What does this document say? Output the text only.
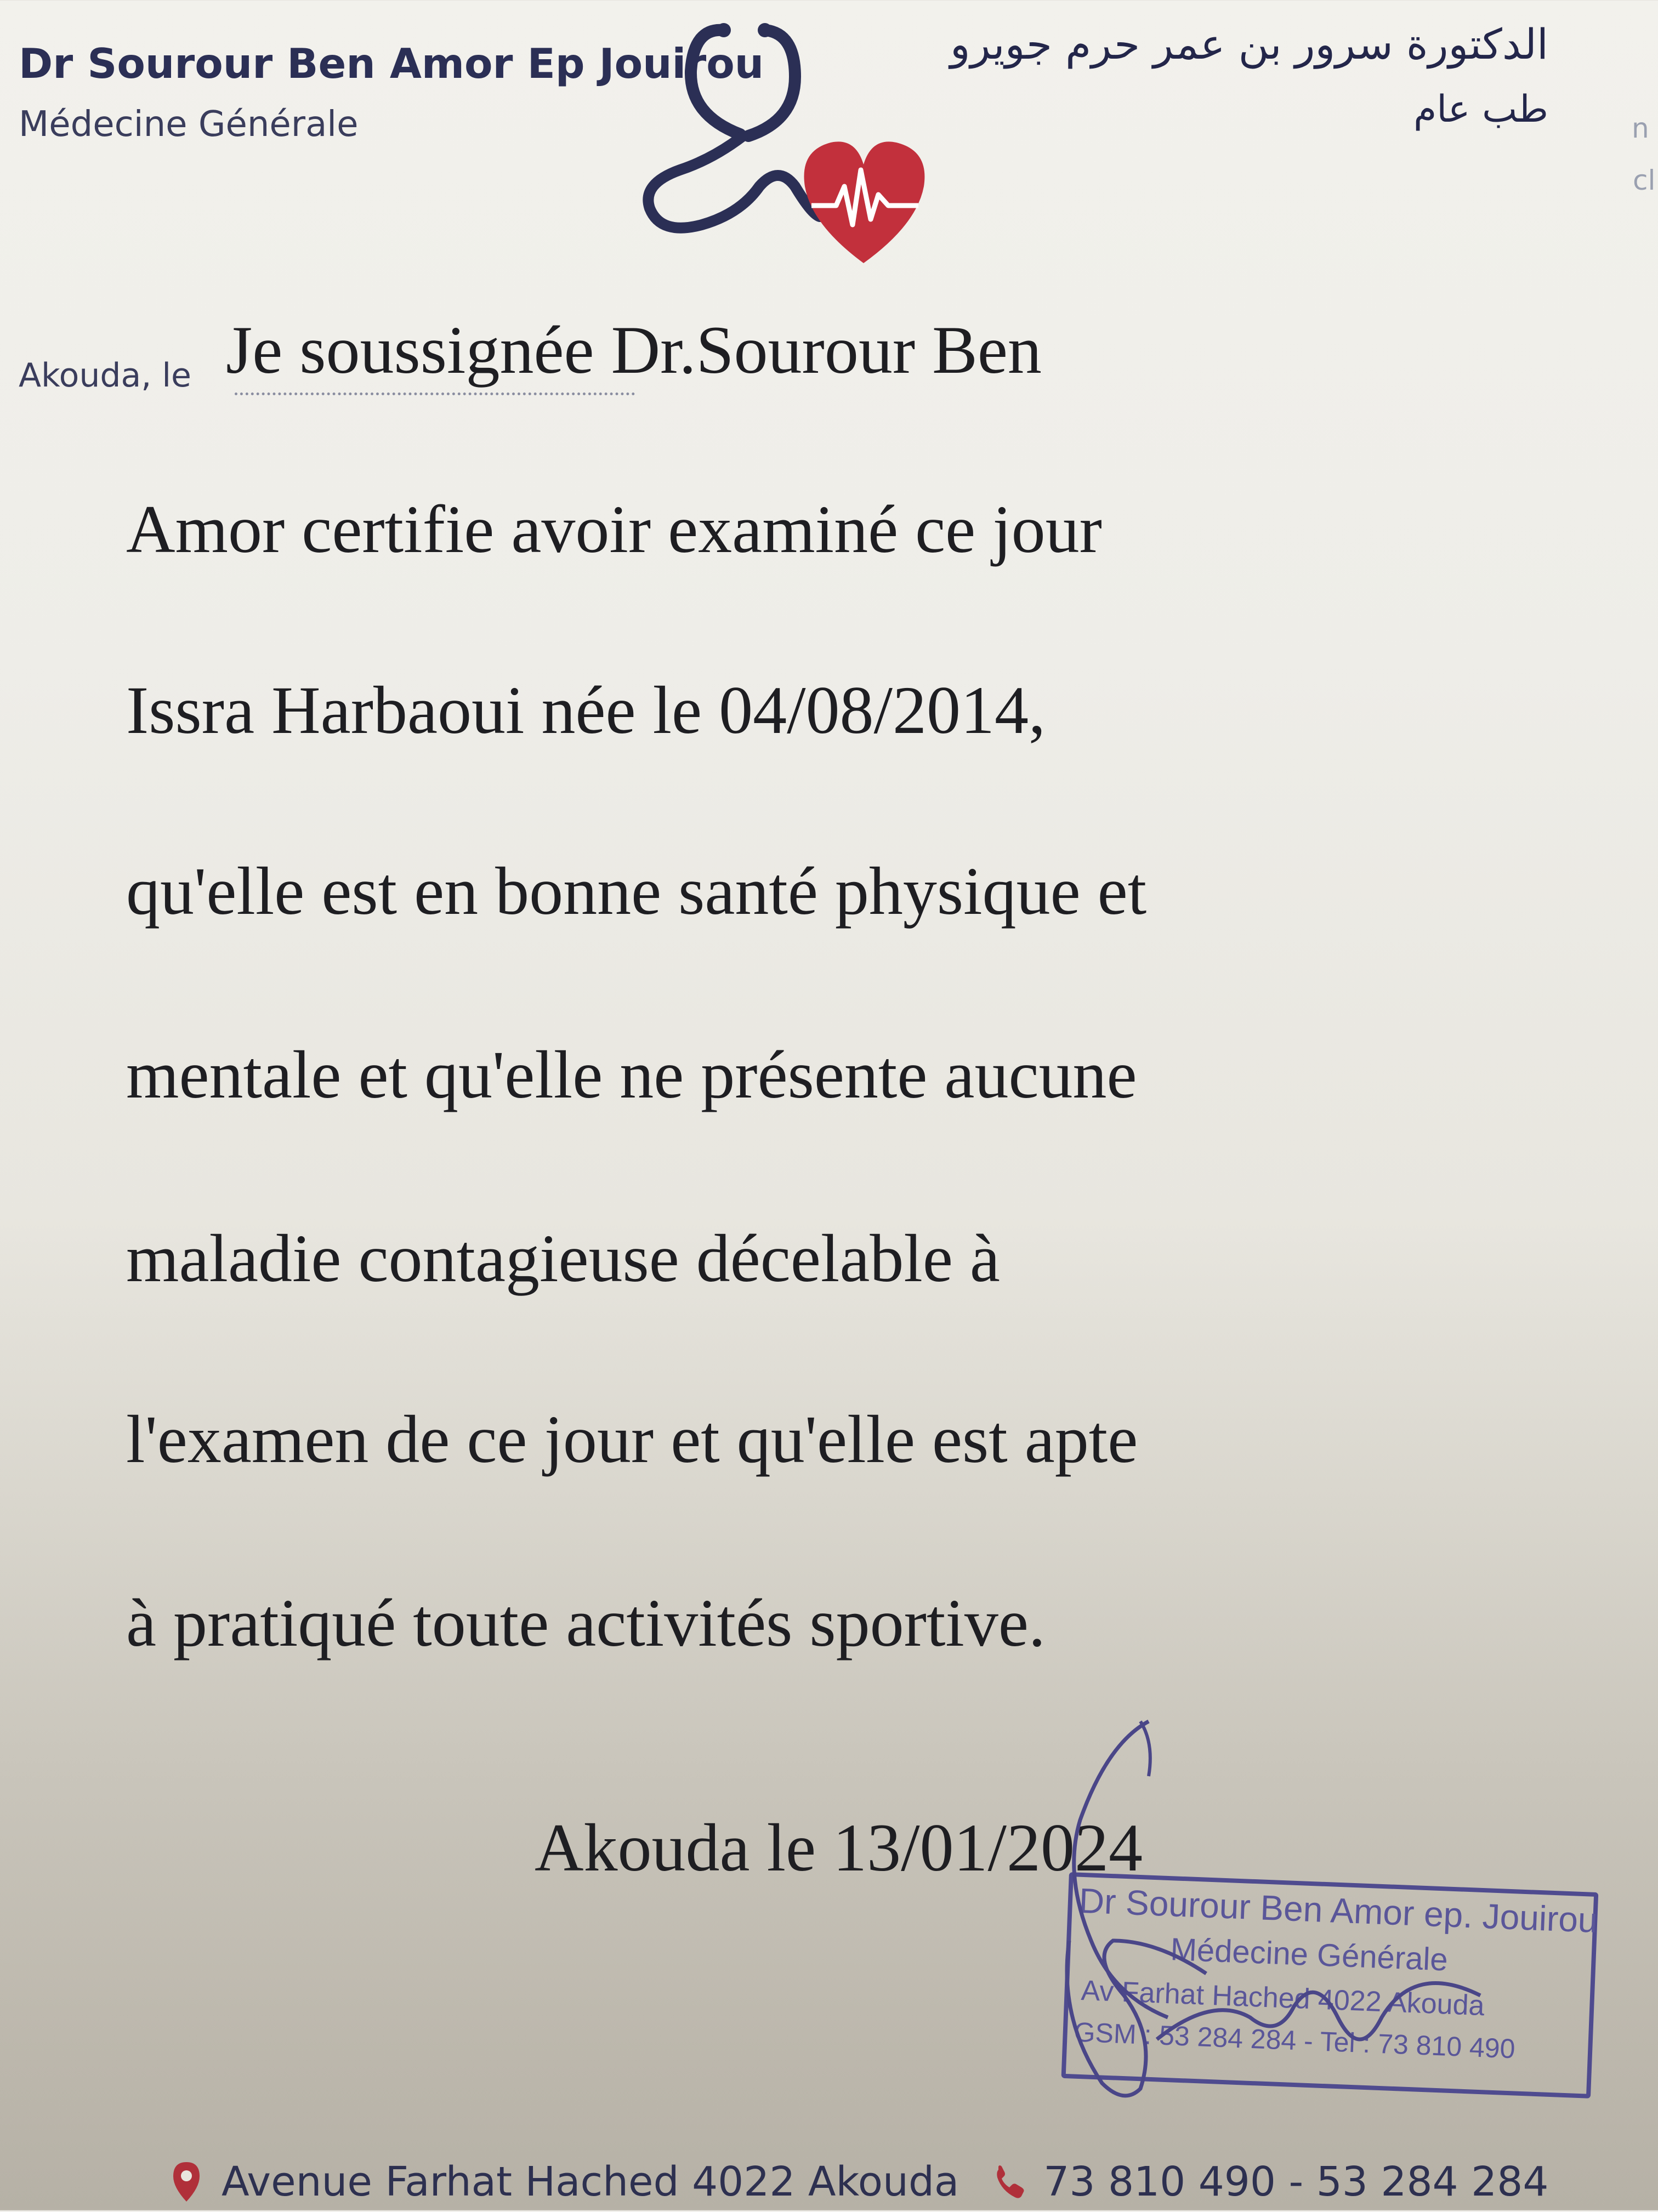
Dr Sourour Ben Amor Ep Jouirou
Médecine Générale
الدكتورة سرور بن عمر حرم جويرو
طب عام	n
cl
Akouda, le Je soussignée Dr.Sourour Ben
Amor certifie avoir examiné ce jour
Issra Harbaoui née le 04/08/2014,
qu'elle est en bonne santé physique et
mentale et qu'elle ne présente aucune
maladie contagieuse décelable à
l'examen de ce jour et qu'elle est apte
à pratiqué toute activités sportive.
Akouda le 13/01/2024
Dr Sourour Ben Amor ep. Jouirou
Médecine Générale
Av Farhat Hached 4022 Akouda
GSM : 53 284 284 - Tel : 73 810 490
Avenue Farhat Hached 4022 Akouda 73 810 490 - 53 284 284
